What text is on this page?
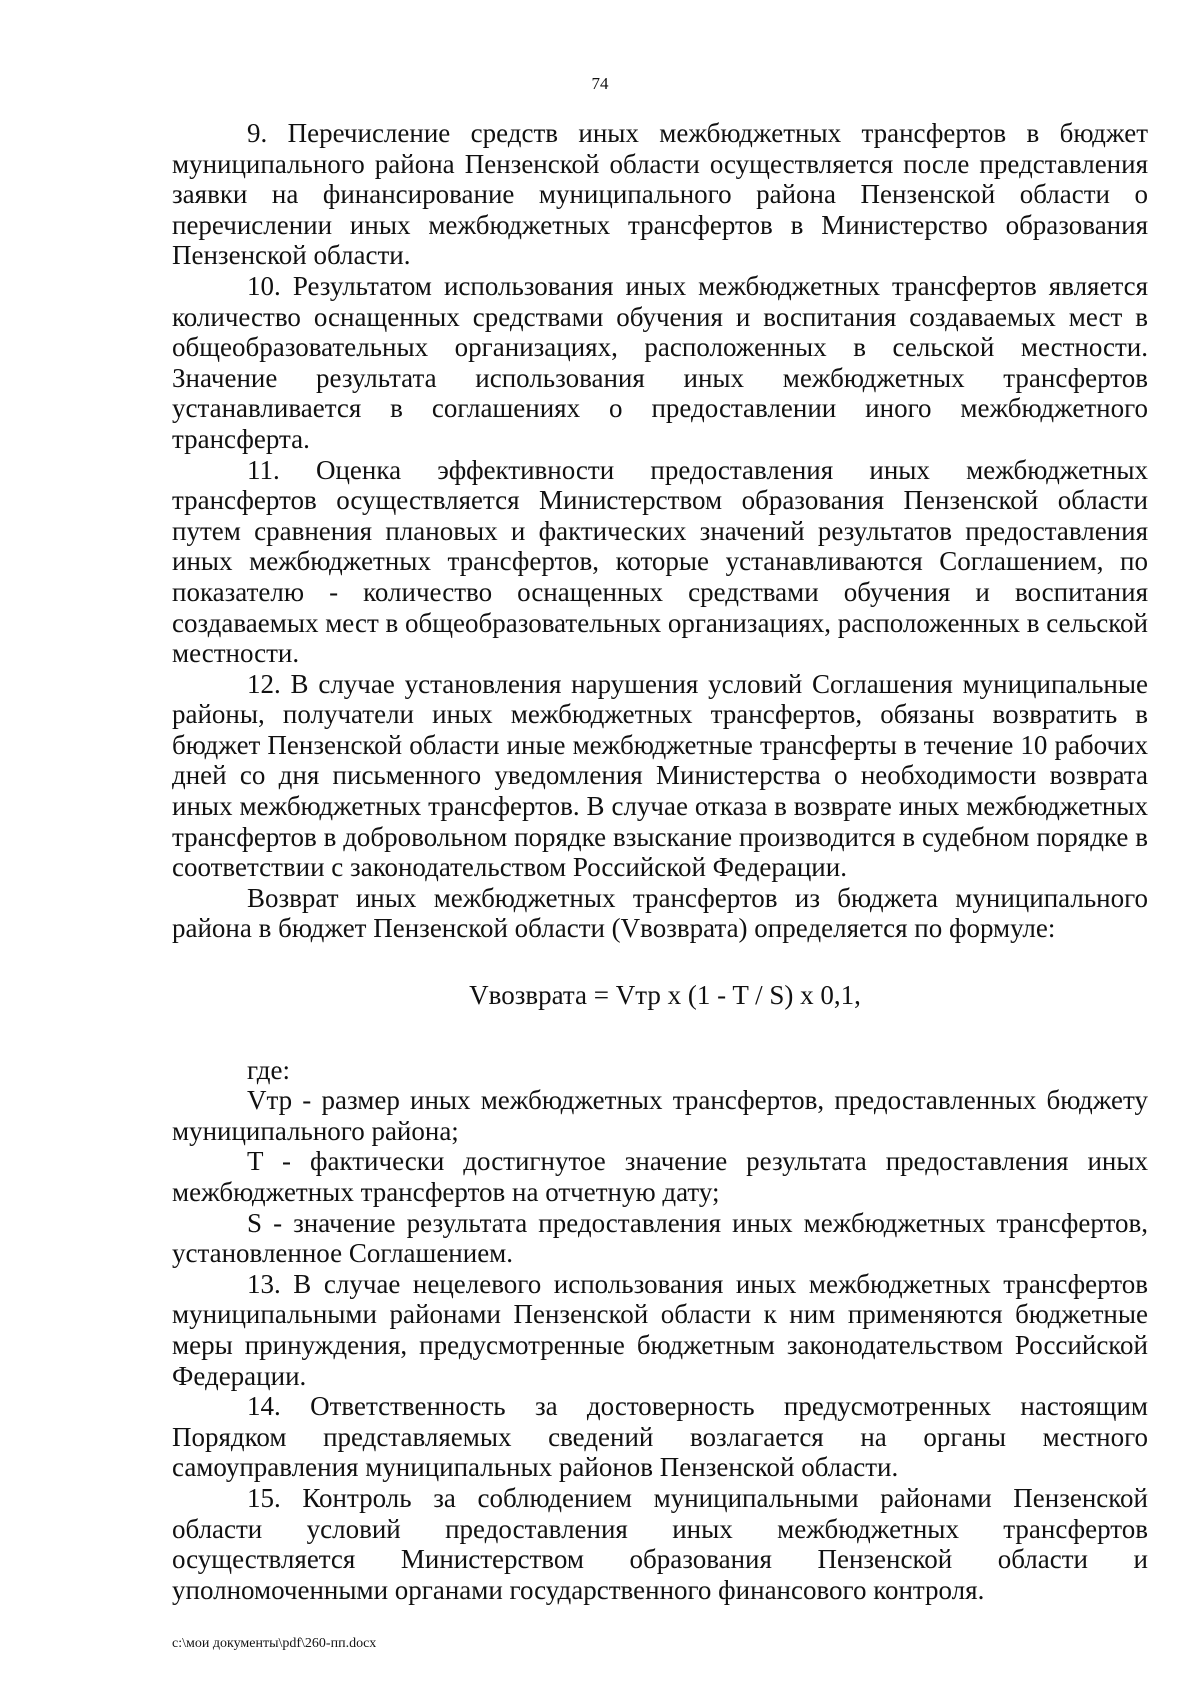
74

9. Перечисление средств иных межбюджетных трансфертов в бюджет муниципального района Пензенской области осуществляется после представления заявки на финансирование муниципального района Пензенской области о перечислении иных межбюджетных трансфертов в Министерство образования Пензенской области.

10. Результатом использования иных межбюджетных трансфертов является количество оснащенных средствами обучения и воспитания создаваемых мест в общеобразовательных организациях, расположенных в сельской местности. Значение результата использования иных межбюджетных трансфертов устанавливается в соглашениях о предоставлении иного межбюджетного трансферта.

11. Оценка эффективности предоставления иных межбюджетных трансфертов осуществляется Министерством образования Пензенской области путем сравнения плановых и фактических значений результатов предоставления иных межбюджетных трансфертов, которые устанавливаются Соглашением, по показателю - количество оснащенных средствами обучения и воспитания создаваемых мест в общеобразовательных организациях, расположенных в сельской местности.

12. В случае установления нарушения условий Соглашения муниципальные районы, получатели иных межбюджетных трансфертов, обязаны возвратить в бюджет Пензенской области иные межбюджетные трансферты в течение 10 рабочих дней со дня письменного уведомления Министерства о необходимости возврата иных межбюджетных трансфертов. В случае отказа в возврате иных межбюджетных трансфертов в добровольном порядке взыскание производится в судебном порядке в соответствии с законодательством Российской Федерации.

Возврат иных межбюджетных трансфертов из бюджета муниципального района в бюджет Пензенской области (Vвозврата) определяется по формуле:

Vвозврата = Vтр x (1 - T / S) x 0,1,

где:

Vтр - размер иных межбюджетных трансфертов, предоставленных бюджету муниципального района;

T - фактически достигнутое значение результата предоставления иных межбюджетных трансфертов на отчетную дату;

S - значение результата предоставления иных межбюджетных трансфертов, установленное Соглашением.

13. В случае нецелевого использования иных межбюджетных трансфертов муниципальными районами Пензенской области к ним применяются бюджетные меры принуждения, предусмотренные бюджетным законодательством Российской Федерации.

14. Ответственность за достоверность предусмотренных настоящим Порядком представляемых сведений возлагается на органы местного самоуправления муниципальных районов Пензенской области.

15. Контроль за соблюдением муниципальными районами Пензенской области условий предоставления иных межбюджетных трансфертов осуществляется Министерством образования Пензенской области и уполномоченными органами государственного финансового контроля.

c:\мои документы\pdf\260-пп.docx
